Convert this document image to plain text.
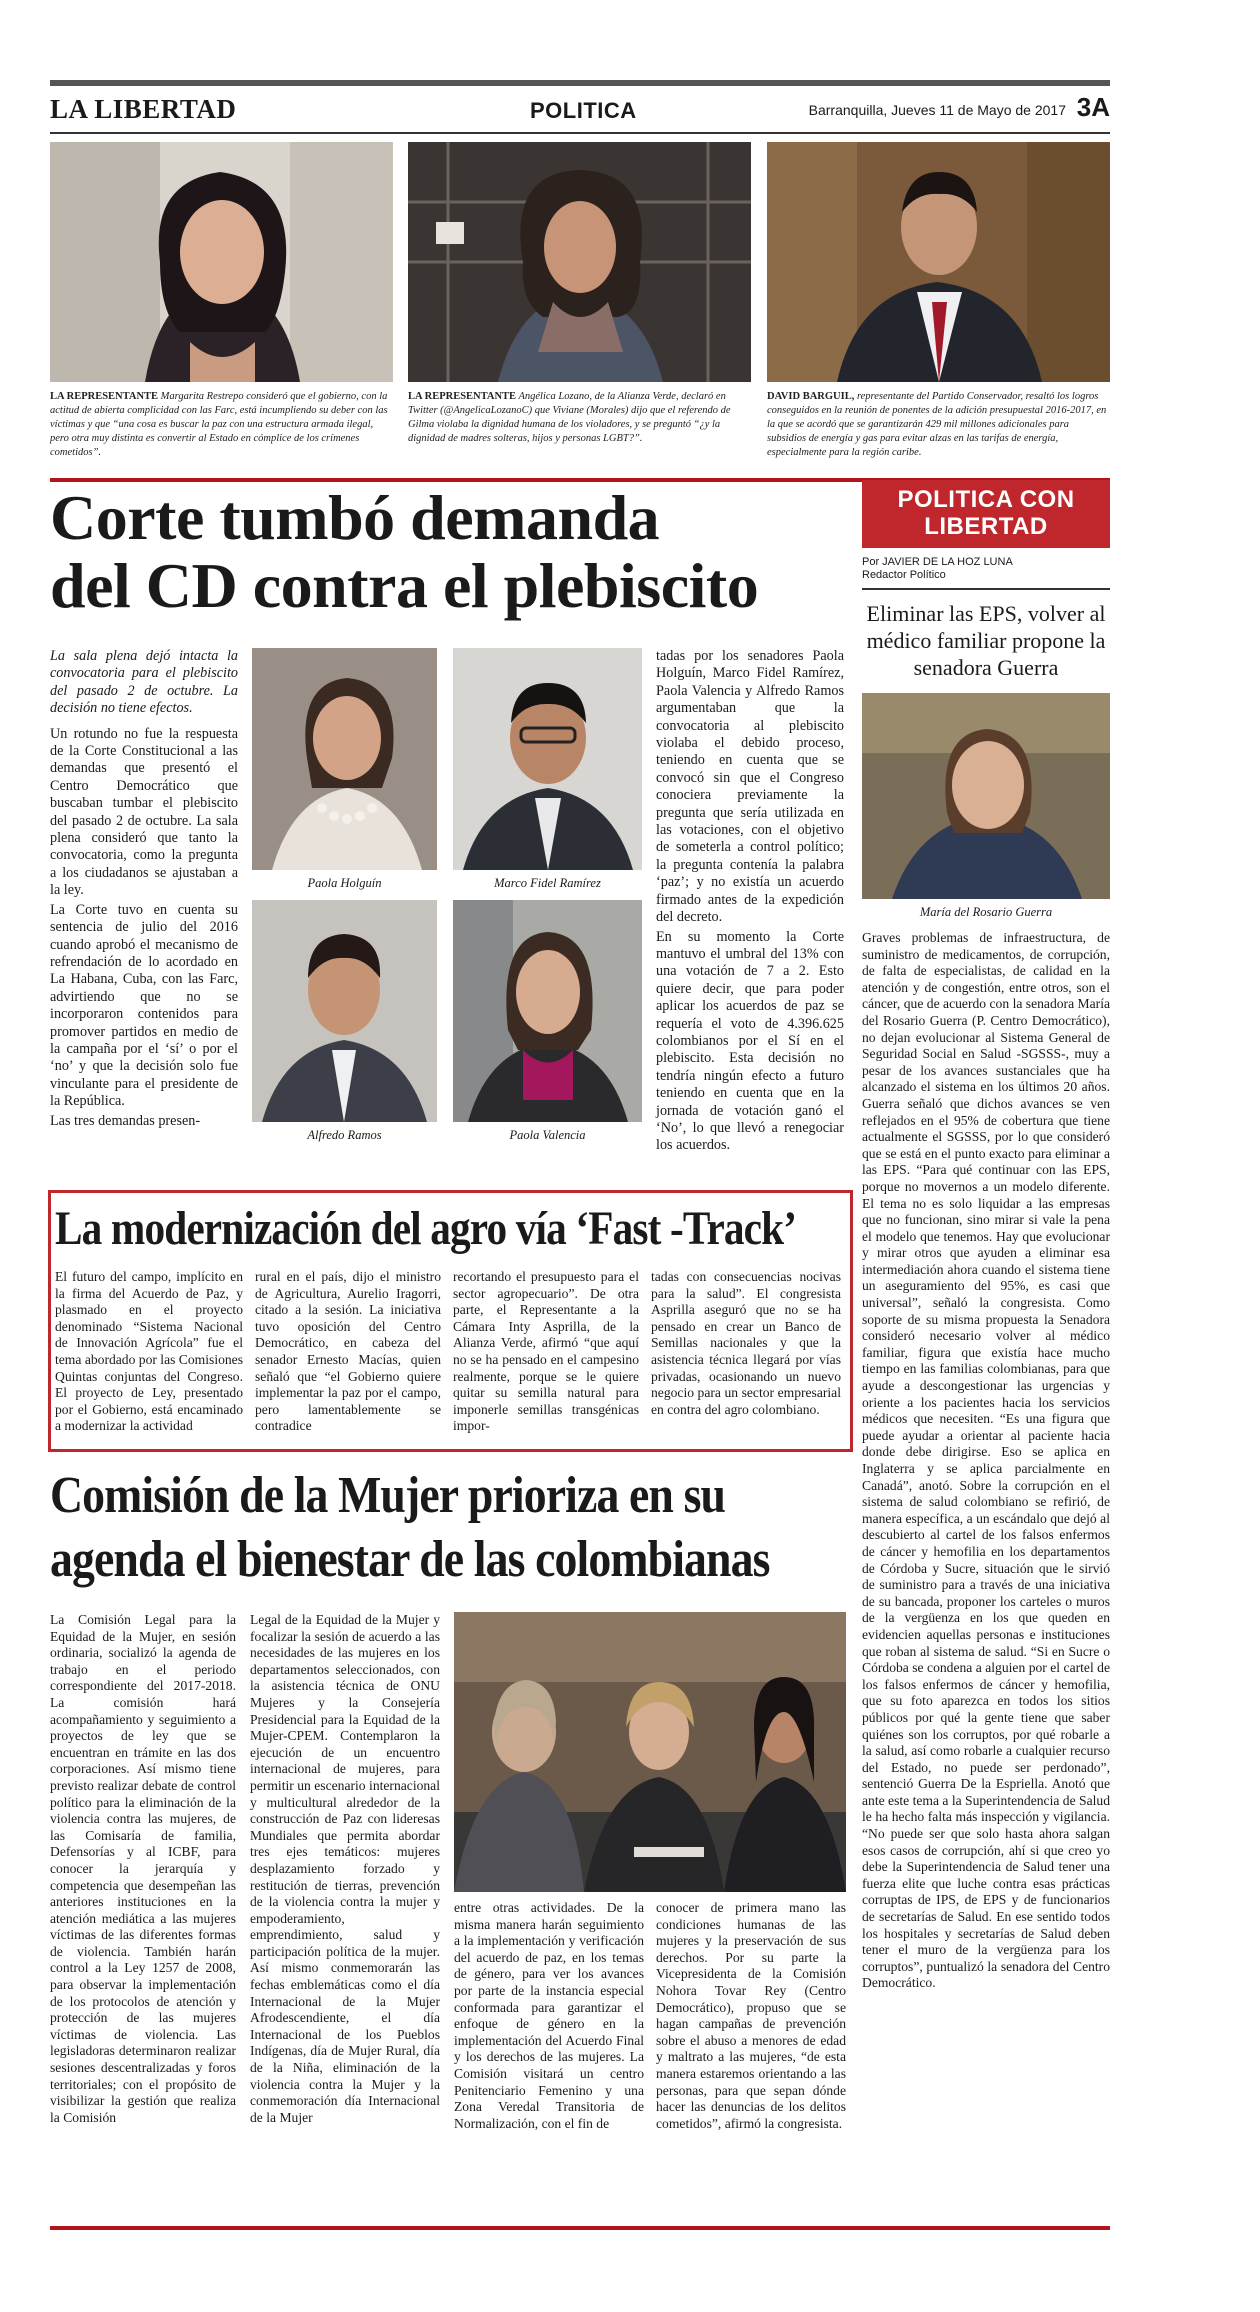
LA LIBERTAD	POLITICA	Barranquilla, Jueves 11 de Mayo de 2017 3A
LA REPRESENTANTE Margarita Restrepo consideró que el gobierno, con la actitud de abierta complicidad con las Farc, está incumpliendo su deber con las víctimas y que “una cosa es buscar la paz con una estructura armada ilegal, pero otra muy distinta es convertir al Estado en cómplice de los crímenes cometidos”.
LA REPRESENTANTE Angélica Lozano, de la Alianza Verde, declaró en Twitter (@AngelicaLozanoC) que Viviane (Morales) dijo que el referendo de Gilma violaba la dignidad humana de los violadores, y se preguntó “¿y la dignidad de madres solteras, hijos y personas LGBT?”.
DAVID BARGUIL, representante del Partido Conservador, resaltó los logros conseguidos en la reunión de ponentes de la adición presupuestal 2016-2017, en la que se acordó que se garantizarán 429 mil millones adicionales para subsidios de energía y gas para evitar alzas en las tarifas de energía, especialmente para la región caribe.
Corte tumbó demanda
del CD contra el plebiscito

La sala plena dejó intacta la convocatoria para el plebiscito del pasado 2 de octubre. La decisión no tiene efectos.

Un rotundo no fue la respuesta de la Corte Constitucional a las demandas que presentó el Centro Democrático que buscaban tumbar el plebiscito del pasado 2 de octubre. La sala plena consideró que tanto la convocatoria, como la pregunta a los ciudadanos se ajustaban a la ley.

La Corte tuvo en cuenta su sentencia de julio del 2016 cuando aprobó el mecanismo de refrendación de lo acordado en La Habana, Cuba, con las Farc, advirtiendo que no se incorporaron contenidos para promover partidos en medio de la campaña por el ‘sí’ o por el ‘no’ y que la decisión solo fue vinculante para el presidente de la República.

Las tres demandas presen-

Paola Holguín	Marco Fidel Ramírez
Alfredo Ramos	Paola Valencia

tadas por los senadores Paola Holguín, Marco Fidel Ramírez, Paola Valencia y Alfredo Ramos argumentaban que la convocatoria al plebiscito violaba el debido proceso, teniendo en cuenta que se convocó sin que el Congreso conociera previamente la pregunta que sería utilizada en las votaciones, con el objetivo de someterla a control político; la pregunta contenía la palabra ‘paz’; y no existía un acuerdo firmado antes de la expedición del decreto.

En su momento la Corte mantuvo el umbral del 13% con una votación de 7 a 2. Esto quiere decir, que para poder aplicar los acuerdos de paz se requería el voto de 4.396.625 colombianos por el Sí en el plebiscito. Esta decisión no tendría ningún efecto a futuro teniendo en cuenta que en la jornada de votación ganó el ‘No’, lo que llevó a renegociar los acuerdos.

La modernización del agro vía ‘Fast -Track’
El futuro del campo, implícito en la firma del Acuerdo de Paz, y plasmado en el proyecto denominado “Sistema Nacional de Innovación Agrícola” fue el tema abordado por las Comisiones Quintas conjuntas del Congreso. El proyecto de Ley, presentado por el Gobierno, está encaminado a modernizar la actividad
rural en el país, dijo el ministro de Agricultura, Aurelio Iragorri, citado a la sesión. La iniciativa tuvo oposición del Centro Democrático, en cabeza del senador Ernesto Macías, quien señaló que “el Gobierno quiere implementar la paz por el campo, pero lamentablemente se contradice
recortando el presupuesto para el sector agropecuario”. De otra parte, el Representante a la Cámara Inty Asprilla, de la Alianza Verde, afirmó “que aquí no se ha pensado en el campesino realmente, porque se le quiere quitar su semilla natural para imponerle semillas transgénicas impor-
tadas con consecuencias nocivas para la salud”. El congresista Asprilla aseguró que no se ha pensado en crear un Banco de Semillas nacionales y que la asistencia técnica llegará por vías privadas, ocasionando un nuevo negocio para un sector empresarial en contra del agro colombiano.
Comisión de la Mujer prioriza en su
agenda el bienestar de las colombianas
La Comisión Legal para la Equidad de la Mujer, en sesión ordinaria, socializó la agenda de trabajo en el periodo correspondiente del 2017-2018. La comisión hará acompañamiento y seguimiento a proyectos de ley que se encuentran en trámite en las dos corporaciones. Así mismo tiene previsto realizar debate de control político para la eliminación de la violencia contra las mujeres, de las Comisaría de familia, Defensorías y al ICBF, para conocer la jerarquía y competencia que desempeñan las anteriores instituciones en la atención mediática a las mujeres víctimas de las diferentes formas de violencia. También harán control a la Ley 1257 de 2008, para observar la implementación de los protocolos de atención y protección de las mujeres víctimas de violencia. Las legisladoras determinaron realizar sesiones descentralizadas y foros territoriales; con el propósito de visibilizar la gestión que realiza la Comisión
Legal de la Equidad de la Mujer y focalizar la sesión de acuerdo a las necesidades de las mujeres en los departamentos seleccionados, con la asistencia técnica de ONU Mujeres y la Consejería Presidencial para la Equidad de la Mujer-CPEM. Contemplaron la ejecución de un encuentro internacional de mujeres, para permitir un escenario internacional y multicultural alrededor de la construcción de Paz con lideresas Mundiales que permita abordar tres ejes temáticos: mujeres desplazamiento forzado y restitución de tierras, prevención de la violencia contra la mujer y empoderamiento, emprendimiento, salud y participación política de la mujer. Así mismo conmemorarán las fechas emblemáticas como el día Internacional de la Mujer Afrodescendiente, el día Internacional de los Pueblos Indígenas, día de Mujer Rural, día de la Niña, eliminación de la violencia contra la Mujer y la conmemoración día Internacional de la Mujer
entre otras actividades. De la misma manera harán seguimiento a la implementación y verificación del acuerdo de paz, en los temas de género, para ver los avances por parte de la instancia especial conformada para garantizar el enfoque de género en la implementación del Acuerdo Final y los derechos de las mujeres. La Comisión visitará un centro Penitenciario Femenino y una Zona Veredal Transitoria de Normalización, con el fin de
conocer de primera mano las condiciones humanas de las mujeres y la preservación de sus derechos. Por su parte la Vicepresidenta de la Comisión Nohora Tovar Rey (Centro Democrático), propuso que se hagan campañas de prevención sobre el abuso a menores de edad y maltrato a las mujeres, “de esta manera estaremos orientando a las personas, para que sepan dónde hacer las denuncias de los delitos cometidos”, afirmó la congresista.
POLITICA CON
LIBERTAD
Por JAVIER DE LA HOZ LUNA
Redactor Político
Eliminar las EPS, volver al médico familiar propone la senadora Guerra
María del Rosario Guerra
Graves problemas de infraestructura, de suministro de medicamentos, de corrupción, de falta de especialistas, de calidad en la atención y de congestión, entre otros, son el cáncer, que de acuerdo con la senadora María del Rosario Guerra (P. Centro Democrático), no dejan evolucionar al Sistema General de Seguridad Social en Salud -SGSSS-, muy a pesar de los avances sustanciales que ha alcanzado el sistema en los últimos 20 años. Guerra señaló que dichos avances se ven reflejados en el 95% de cobertura que tiene actualmente el SGSSS, por lo que consideró que se está en el punto exacto para eliminar a las EPS. “Para qué continuar con las EPS, porque no movernos a un modelo diferente. El tema no es solo liquidar a las empresas que no funcionan, sino mirar si vale la pena el modelo que tenemos. Hay que evolucionar y mirar otros que ayuden a eliminar esa intermediación ahora cuando el sistema tiene un aseguramiento del 95%, es casi que universal”, señaló la congresista. Como soporte de su misma propuesta la Senadora consideró necesario volver al médico familiar, figura que existía hace mucho tiempo en las familias colombianas, para que ayude a descongestionar las urgencias y oriente a los pacientes hacia los servicios médicos que necesiten. “Es una figura que puede ayudar a orientar al paciente hacia donde debe dirigirse. Eso se aplica en Inglaterra y se aplica parcialmente en Canadá”, anotó. Sobre la corrupción en el sistema de salud colombiano se refirió, de manera específica, a un escándalo que dejó al descubierto al cartel de los falsos enfermos de cáncer y hemofilia en los departamentos de Córdoba y Sucre, situación que le sirvió de suministro para a través de una iniciativa de su bancada, proponer los carteles o muros de la vergüenza en los que queden en evidencien aquellas personas e instituciones que roban al sistema de salud. “Si en Sucre o Córdoba se condena a alguien por el cartel de los falsos enfermos de cáncer y hemofilia, que su foto aparezca en todos los sitios públicos por qué la gente tiene que saber quiénes son los corruptos, por qué robarle a la salud, así como robarle a cualquier recurso del Estado, no puede ser perdonado”, sentenció Guerra De la Espriella. Anotó que ante este tema a la Superintendencia de Salud le ha hecho falta más inspección y vigilancia. “No puede ser que solo hasta ahora salgan esos casos de corrupción, ahí si que creo yo debe la Superintendencia de Salud tener una fuerza elite que luche contra esas prácticas corruptas de IPS, de EPS y de funcionarios de secretarías de Salud. En ese sentido todos los hospitales y secretarías de Salud deben tener el muro de la vergüenza para los corruptos”, puntualizó la senadora del Centro Democrático.
